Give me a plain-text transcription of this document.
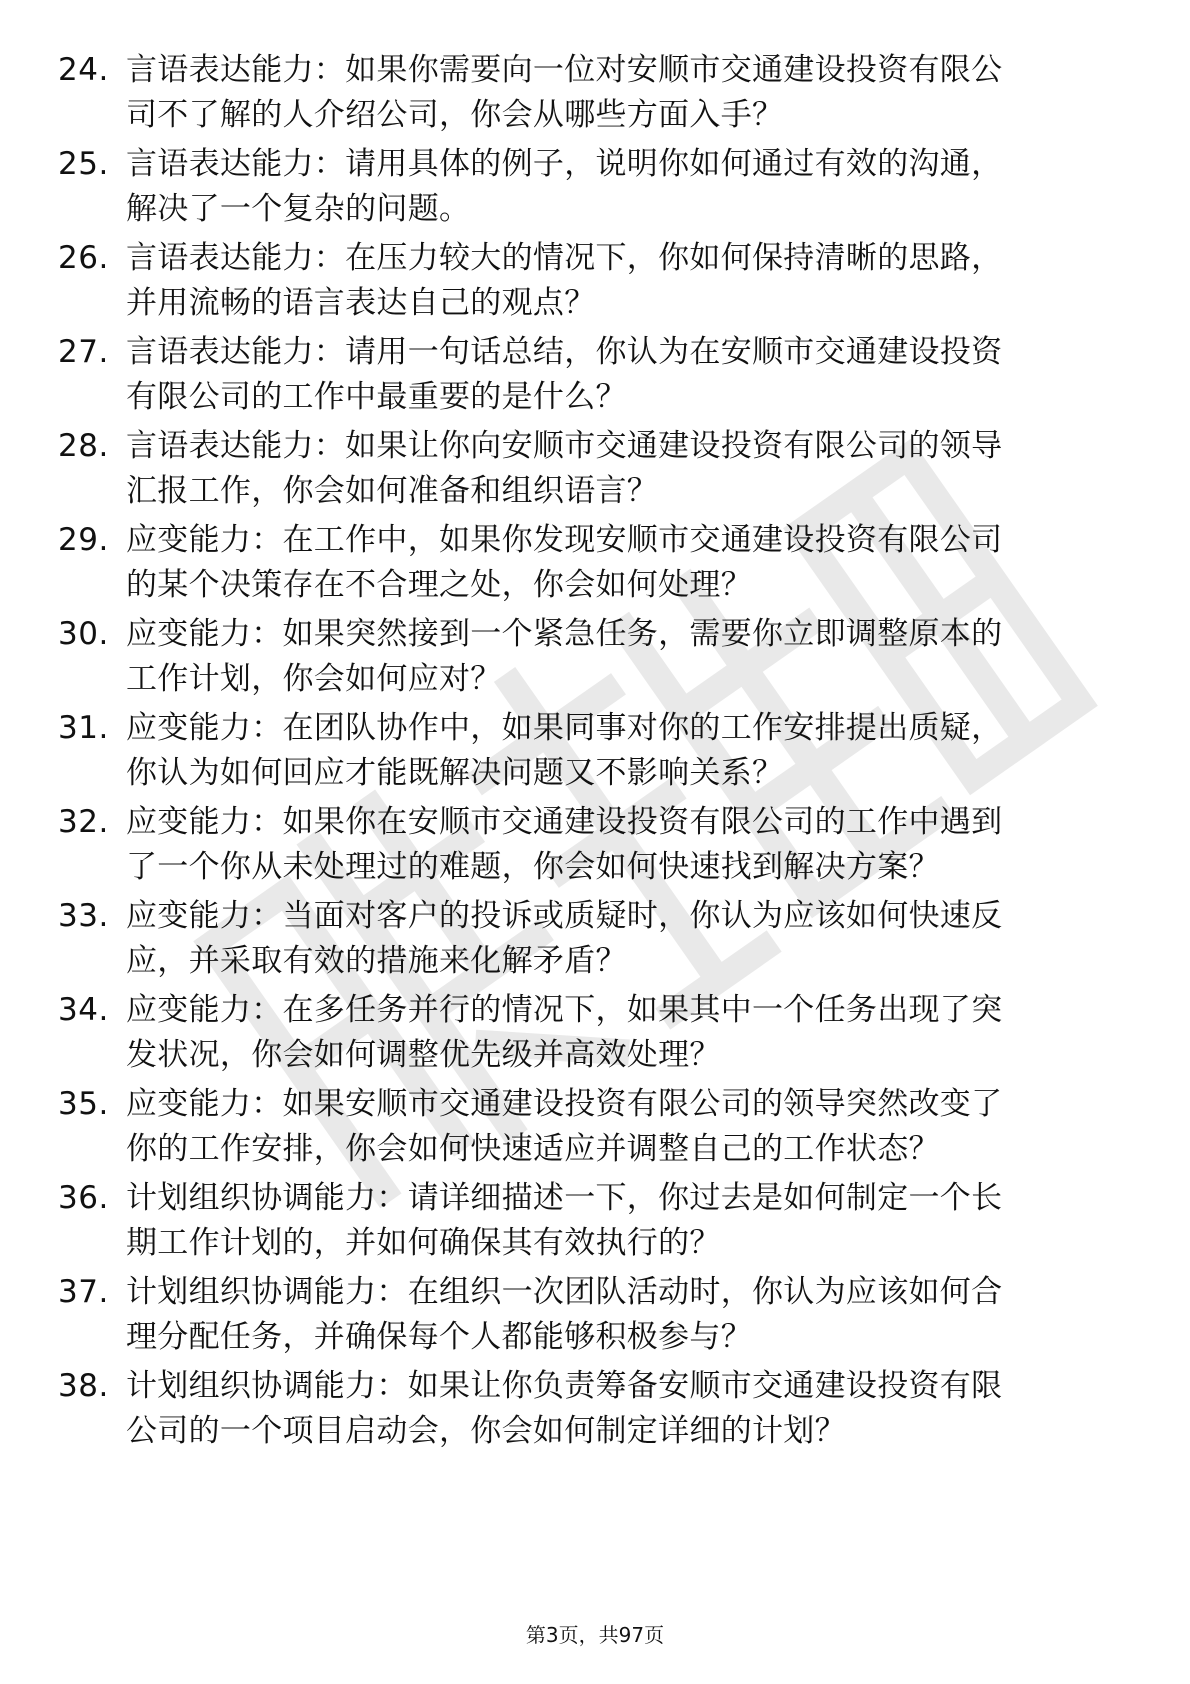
24. 言语表达能力：如果你需要向一位对安顺市交通建设投资有限公
司不了解的人介绍公司，你会从哪些方面入手？
25. 言语表达能力：请用具体的例子，说明你如何通过有效的沟通，
解决了一个复杂的问题。
26. 言语表达能力：在压力较大的情况下，你如何保持清晰的思路，
并用流畅的语言表达自己的观点？
27. 言语表达能力：请用一句话总结，你认为在安顺市交通建设投资
有限公司的工作中最重要的是什么？
28. 言语表达能力：如果让你向安顺市交通建设投资有限公司的领导
汇报工作，你会如何准备和组织语言？
29. 应变能力：在工作中，如果你发现安顺市交通建设投资有限公司
的某个决策存在不合理之处，你会如何处理？
30. 应变能力：如果突然接到一个紧急任务，需要你立即调整原本的
工作计划，你会如何应对？
31. 应变能力：在团队协作中，如果同事对你的工作安排提出质疑，
你认为如何回应才能既解决问题又不影响关系？
32. 应变能力：如果你在安顺市交通建设投资有限公司的工作中遇到
了一个你从未处理过的难题，你会如何快速找到解决方案？
33. 应变能力：当面对客户的投诉或质疑时，你认为应该如何快速反
应，并采取有效的措施来化解矛盾？
34. 应变能力：在多任务并行的情况下，如果其中一个任务出现了突
发状况，你会如何调整优先级并高效处理？
35. 应变能力：如果安顺市交通建设投资有限公司的领导突然改变了
你的工作安排，你会如何快速适应并调整自己的工作状态？
36. 计划组织协调能力：请详细描述一下，你过去是如何制定一个长
期工作计划的，并如何确保其有效执行的？
37. 计划组织协调能力：在组织一次团队活动时，你认为应该如何合
理分配任务，并确保每个人都能够积极参与？
38. 计划组织协调能力：如果让你负责筹备安顺市交通建设投资有限
公司的一个项目启动会，你会如何制定详细的计划？
第3页，共97页
